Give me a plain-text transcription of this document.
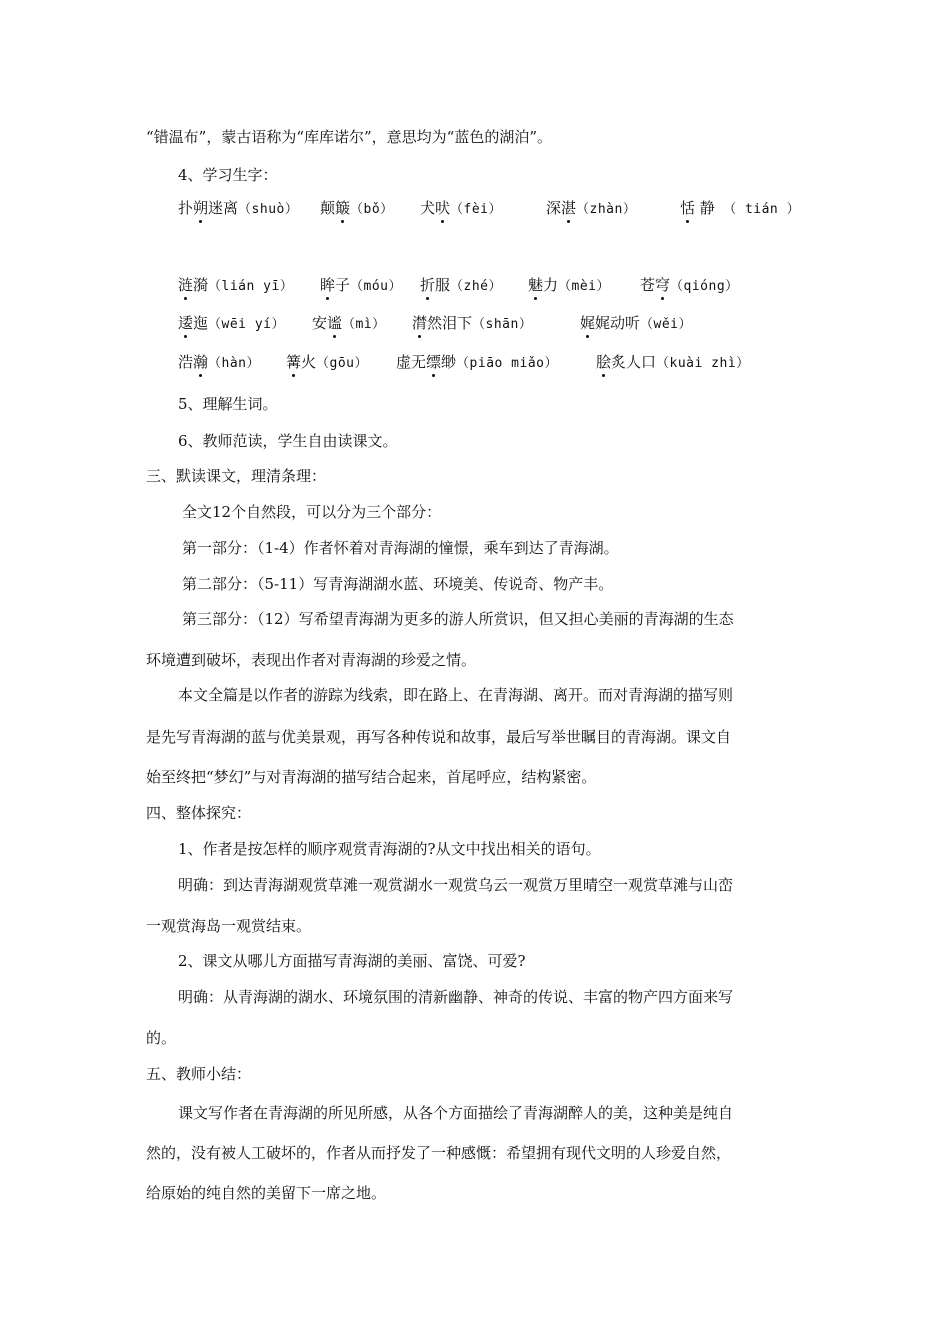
“错温布”，蒙古语称为“库库诺尔”，意思均为“蓝色的湖泊”。
4、学习生字：
扑朔迷离（shuò） 颠簸（bǒ） 犬吠（fèi）	深湛（zhàn）	恬 静 （ tián ）
涟漪（lián yī） 眸子（móu） 折服（zhé） 魅力（mèi） 苍穹（qióng）
逶迤（wēi yí） 安谧（mì） 潸然泪下（shān）	娓娓动听（wěi）
浩瀚（hàn） 篝火（gōu） 虚无缥缈（piāo miǎo）	脍炙人口（kuài zhì）
5、理解生词。
6、教师范读，学生自由读课文。
三、默读课文，理清条理：
全文12个自然段，可以分为三个部分：
第一部分：（1-4）作者怀着对青海湖的憧憬，乘车到达了青海湖。
第二部分：（5-11）写青海湖湖水蓝、环境美、传说奇、物产丰。
第三部分：（12）写希望青海湖为更多的游人所赏识，但又担心美丽的青海湖的生态
环境遭到破坏，表现出作者对青海湖的珍爱之情。
本文全篇是以作者的游踪为线索，即在路上、在青海湖、离开。而对青海湖的描写则
是先写青海湖的蓝与优美景观，再写各种传说和故事，最后写举世瞩目的青海湖。课文自
始至终把“梦幻”与对青海湖的描写结合起来，首尾呼应，结构紧密。
四、整体探究：
1、作者是按怎样的顺序观赏青海湖的?从文中找出相关的语句。
明确：到达青海湖观赏草滩一观赏湖水一观赏乌云一观赏万里晴空一观赏草滩与山峦
一观赏海岛一观赏结束。
2、课文从哪儿方面描写青海湖的美丽、富饶、可爱?
明确：从青海湖的湖水、环境氛围的清新幽静、神奇的传说、丰富的物产四方面来写
的。
五、教师小结：
课文写作者在青海湖的所见所感，从各个方面描绘了青海湖醉人的美，这种美是纯自
然的，没有被人工破坏的，作者从而抒发了一种感慨：希望拥有现代文明的人珍爱自然，
给原始的纯自然的美留下一席之地。
